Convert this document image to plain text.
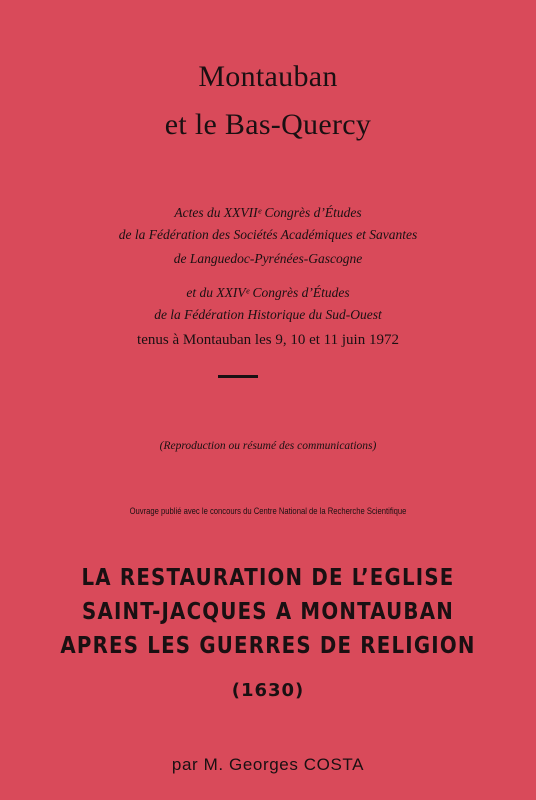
Montauban
et le Bas-Quercy
Actes du XXVIIᵉ Congrès d’Études
de la Fédération des Sociétés Académiques et Savantes
de Languedoc-Pyrénées-Gascogne
et du XXIVᵉ Congrès d’Études
de la Fédération Historique du Sud-Ouest
tenus à Montauban les 9, 10 et 11 juin 1972
(Reproduction ou résumé des communications)
Ouvrage publié avec le concours du Centre National de la Recherche Scientifique
LA RESTAURATION DE L’EGLISE
SAINT-JACQUES A MONTAUBAN
APRES LES GUERRES DE RELIGION
(1630)
par M. Georges COSTA
